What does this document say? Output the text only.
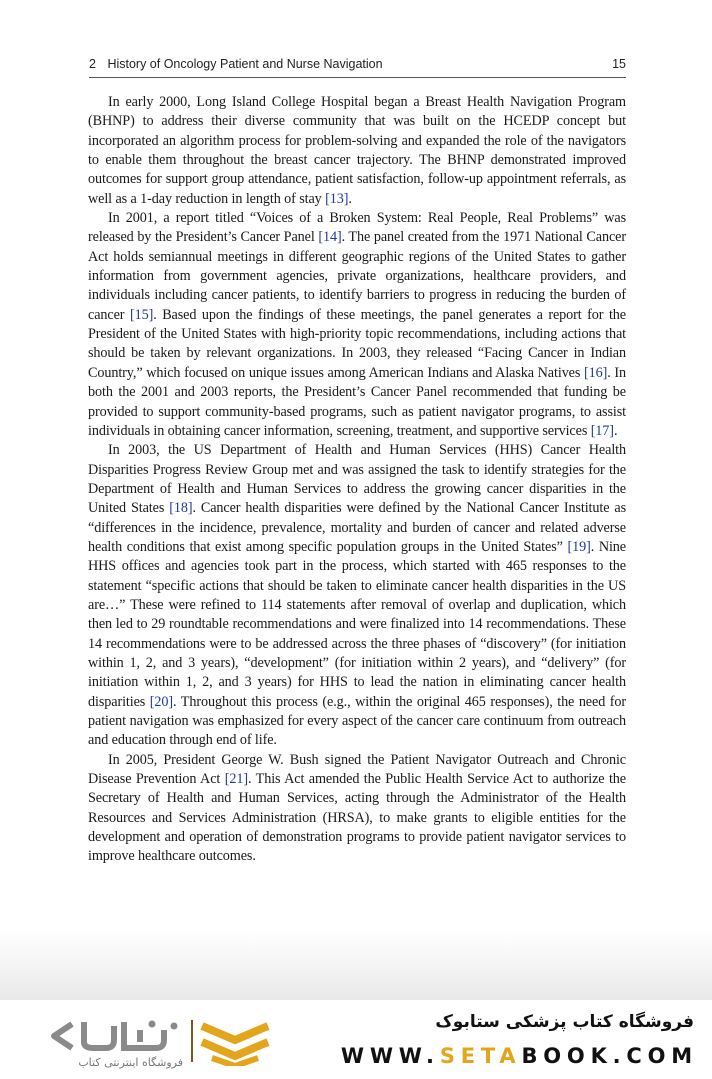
2 History of Oncology Patient and Nurse Navigation	15

In early 2000, Long Island College Hospital began a Breast Health Navigation Program (BHNP) to address their diverse community that was built on the HCEDP concept but incorporated an algorithm process for problem-solving and expanded the role of the navigators to enable them throughout the breast cancer trajectory. The BHNP demonstrated improved outcomes for support group attendance, patient satisfaction, follow-up appointment referrals, as well as a 1-day reduction in length of stay [13].

In 2001, a report titled “Voices of a Broken System: Real People, Real Problems” was released by the President’s Cancer Panel [14]. The panel created from the 1971 National Cancer Act holds semiannual meetings in different geographic regions of the United States to gather information from government agencies, private organizations, healthcare providers, and individuals including cancer patients, to identify barriers to progress in reducing the burden of cancer [15]. Based upon the findings of these meetings, the panel generates a report for the President of the United States with high-priority topic recommendations, including actions that should be taken by relevant organizations. In 2003, they released “Facing Cancer in Indian Country,” which focused on unique issues among American Indians and Alaska Natives [16]. In both the 2001 and 2003 reports, the President’s Cancer Panel recommended that funding be provided to support community-based programs, such as patient navigator programs, to assist individuals in obtaining cancer information, screening, treatment, and supportive services [17].

In 2003, the US Department of Health and Human Services (HHS) Cancer Health Disparities Progress Review Group met and was assigned the task to identify strategies for the Department of Health and Human Services to address the growing cancer disparities in the United States [18]. Cancer health disparities were defined by the National Cancer Institute as “differences in the incidence, prevalence, mortality and burden of cancer and related adverse health conditions that exist among specific population groups in the United States” [19]. Nine HHS offices and agencies took part in the process, which started with 465 responses to the statement “specific actions that should be taken to eliminate cancer health disparities in the US are…” These were refined to 114 statements after removal of overlap and duplication, which then led to 29 roundtable recommendations and were finalized into 14 recommendations. These 14 recommendations were to be addressed across the three phases of “discovery” (for initiation within 1, 2, and 3 years), “development” (for initiation within 2 years), and “delivery” (for initiation within 1, 2, and 3 years) for HHS to lead the nation in eliminating cancer health disparities [20]. Throughout this process (e.g., within the original 465 responses), the need for patient navigation was emphasized for every aspect of the cancer care continuum from outreach and education through end of life.

In 2005, President George W. Bush signed the Patient Navigator Outreach and Chronic Disease Prevention Act [21]. This Act amended the Public Health Service Act to authorize the Secretary of Health and Human Services, acting through the Administrator of the Health Resources and Services Administration (HRSA), to make grants to eligible entities for the development and operation of demonstration programs to provide patient navigator services to improve healthcare outcomes.

فروشگاه اینترنتی کتاب
فروشگاه کتاب پزشکی ستابوک
WWW.SETABOOK.COM
